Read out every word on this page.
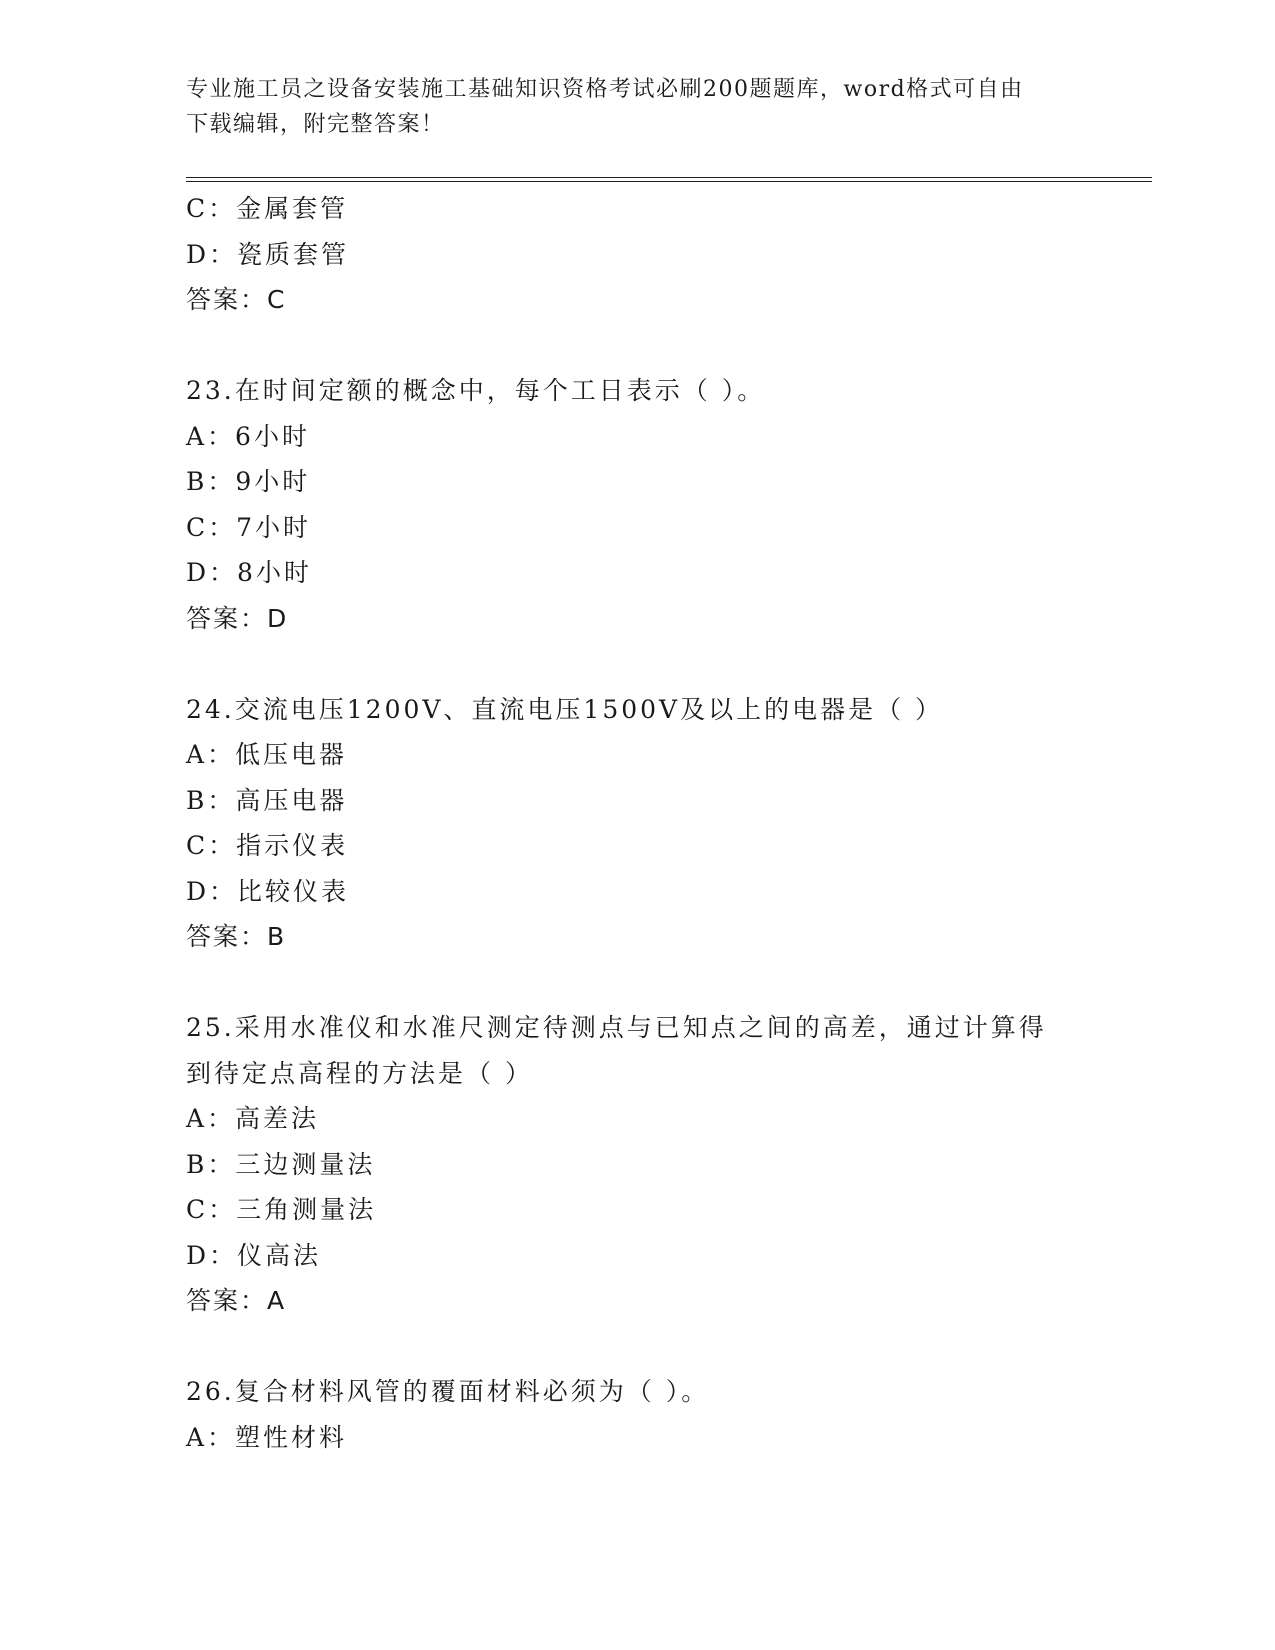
专业施工员之设备安装施工基础知识资格考试必刷200题题库，word格式可自由
下载编辑，附完整答案！
C：金属套管
D：瓷质套管
答案：C
23.在时间定额的概念中，每个工日表示（ ）。
A：6小时
B：9小时
C：7小时
D：8小时
答案：D
24.交流电压1200V、直流电压1500V及以上的电器是（ ）
A：低压电器
B：高压电器
C：指示仪表
D：比较仪表
答案：B
25.采用水准仪和水准尺测定待测点与已知点之间的高差，通过计算得
到待定点高程的方法是（ ）
A：高差法
B：三边测量法
C：三角测量法
D：仪高法
答案：A
26.复合材料风管的覆面材料必须为（ ）。
A：塑性材料
